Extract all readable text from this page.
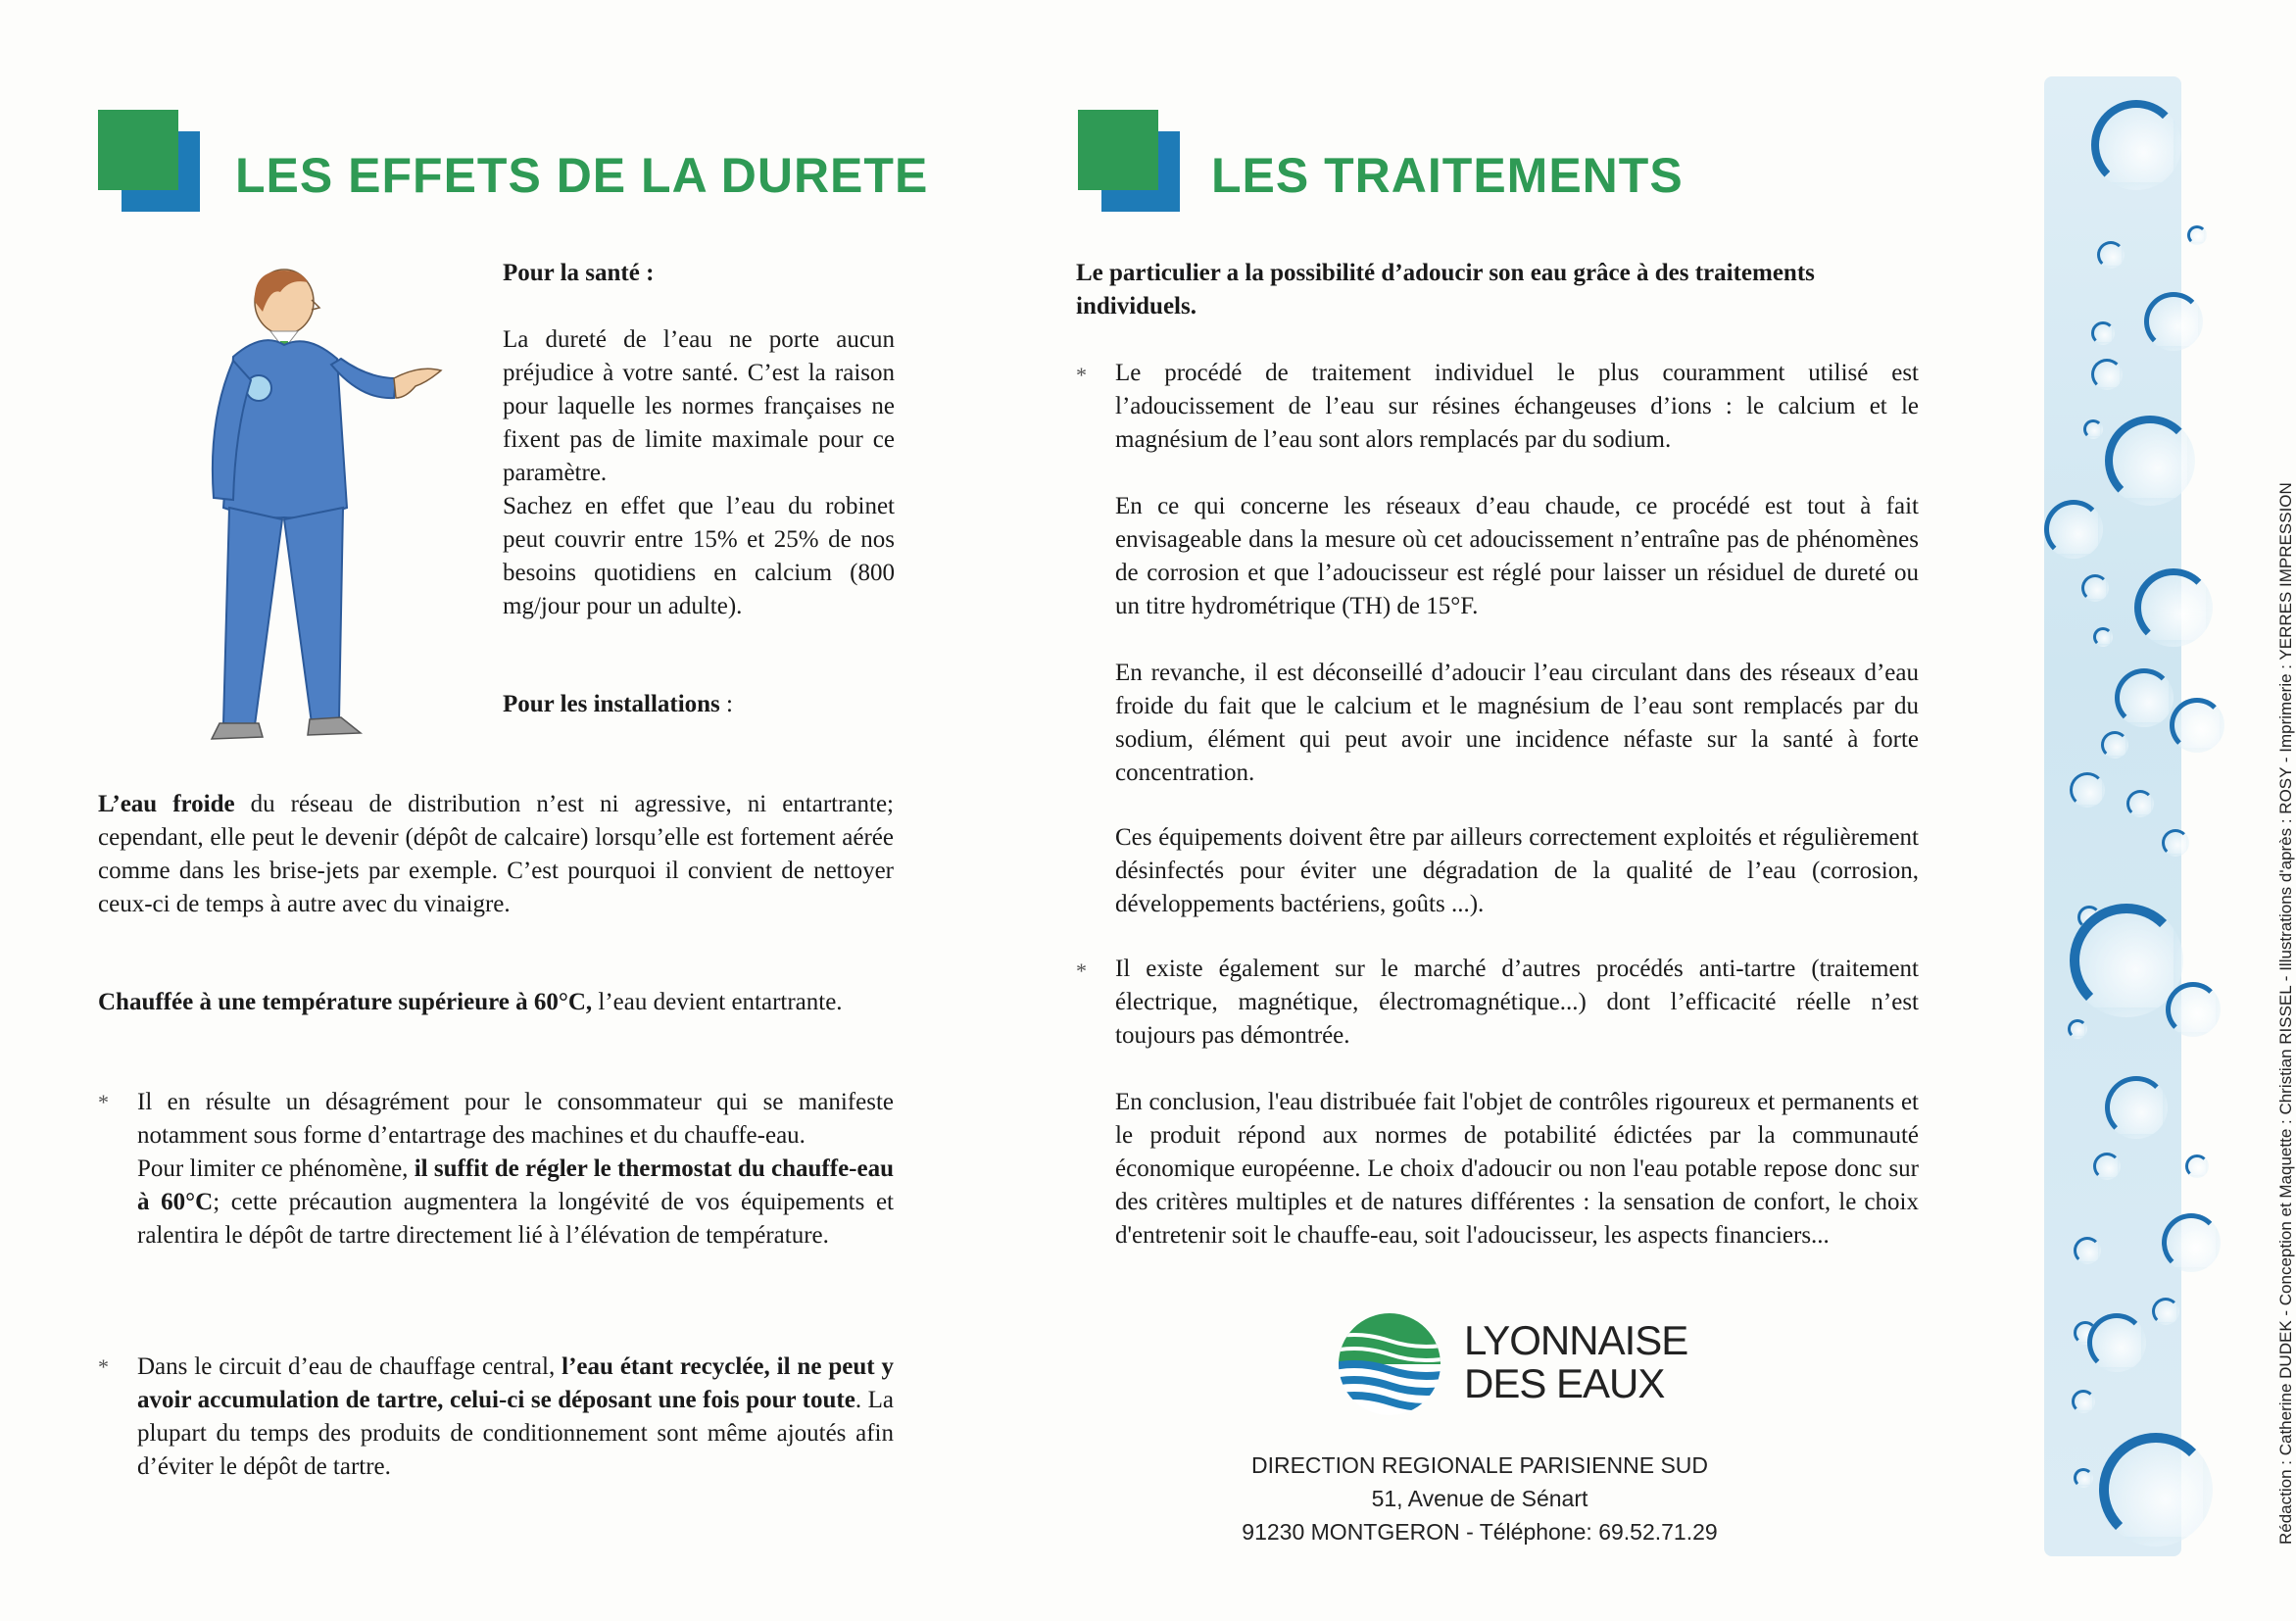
LES EFFETS DE LA DURETE
Pour la santé :
La dureté de l’eau ne porte aucun préjudice à votre santé. C’est la raison pour laquelle les normes françaises ne fixent pas de limite maximale pour ce paramètre.
Sachez en effet que l’eau du robinet peut couvrir entre 15% et 25% de nos besoins quotidiens en calcium (800 mg/jour pour un adulte).
Pour les installations :
L’eau froide du réseau de distribution n’est ni agressive, ni entartrante; cependant, elle peut le devenir (dépôt de calcaire) lorsqu’elle est fortement aérée comme dans les brise-jets par exemple. C’est pourquoi il convient de nettoyer ceux-ci de temps à autre avec du vinaigre.
Chauffée à une température supérieure à 60°C, l’eau devient entartrante.
* Il en résulte un désagrément pour le consommateur qui se manifeste notamment sous forme d’entartrage des machines et du chauffe-eau.
Pour limiter ce phénomène, il suffit de régler le thermostat du chauffe-eau à 60°C; cette précaution augmentera la longévité de vos équipements et ralentira le dépôt de tartre directement lié à l’élévation de température.
* Dans le circuit d’eau de chauffage central, l’eau étant recyclée, il ne peut y avoir accumulation de tartre, celui-ci se déposant une fois pour toute. La plupart du temps des produits de conditionnement sont même ajoutés afin d’éviter le dépôt de tartre.
LES TRAITEMENTS
Le particulier a la possibilité d’adoucir son eau grâce à des traitements individuels.
* Le procédé de traitement individuel le plus couramment utilisé est l’adoucissement de l’eau sur résines échangeuses d’ions : le calcium et le magnésium de l’eau sont alors remplacés par du sodium.
En ce qui concerne les réseaux d’eau chaude, ce procédé est tout à fait envisageable dans la mesure où cet adoucissement n’entraîne pas de phénomènes de corrosion et que l’adoucisseur est réglé pour laisser un résiduel de dureté ou un titre hydrométrique (TH) de 15°F.
En revanche, il est déconseillé d’adoucir l’eau circulant dans des réseaux d’eau froide du fait que le calcium et le magnésium de l’eau sont remplacés par du sodium, élément qui peut avoir une incidence néfaste sur la santé à forte concentration.
Ces équipements doivent être par ailleurs correctement exploités et régulièrement désinfectés pour éviter une dégradation de la qualité de l’eau (corrosion, développements bactériens, goûts ...).
* Il existe également sur le marché d’autres procédés anti-tartre (traitement électrique, magnétique, électromagnétique...) dont l’efficacité réelle n’est toujours pas démontrée.
En conclusion, l'eau distribuée fait l'objet de contrôles rigoureux et permanents et le produit répond aux normes de potabilité édictées par la communauté économique européenne. Le choix d'adoucir ou non l'eau potable repose donc sur des critères multiples et de natures différentes : la sensation de confort, le choix d'entretenir soit le chauffe-eau, soit l'adoucisseur, les aspects financiers...
LYONNAISE
DES EAUX
DIRECTION REGIONALE PARISIENNE SUD
51, Avenue de Sénart
91230 MONTGERON - Téléphone: 69.52.71.29	Rédaction : Catherine DUDEK - Conception et Maquette : Christian RISSEL - Illustrations d'après : ROSY - Imprimerie : YERRES IMPRESSION
